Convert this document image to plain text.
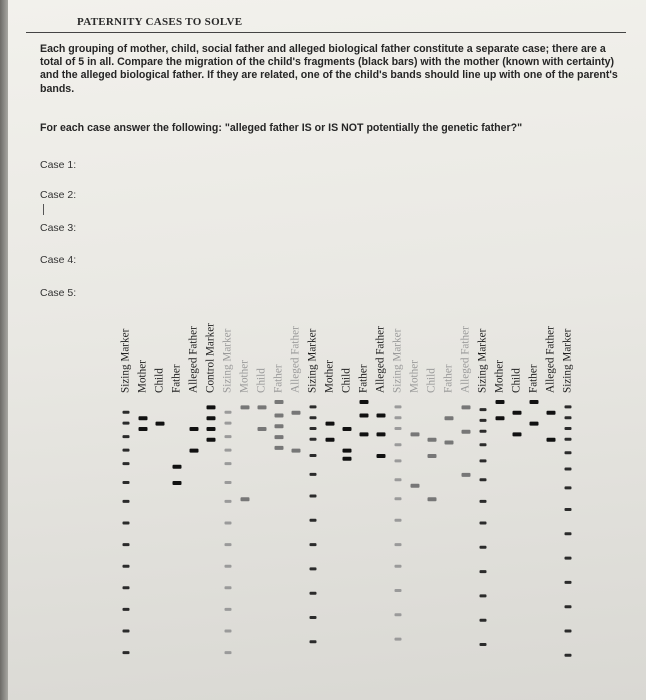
PATERNITY CASES TO SOLVE

Each grouping of mother, child, social father and alleged biological father constitute a separate case; there are a total of 5 in all. Compare the migration of the child's fragments (black bars) with the mother (known with certainty) and the alleged biological father. If they are related, one of the child's bands should line up with one of the parent's bands.

For each case answer the following: "alleged father IS or IS NOT potentially the genetic father?"

Case 1:

Case 2:

Case 3:

Case 4:

Case 5:

Sizing Marker Mother Child Father Alleged Father Control Marker Sizing Marker Mother Child Father Alleged Father Sizing Marker Mother Child Father Alleged Father Sizing Marker Mother Child Father Alleged Father Sizing Marker Mother Child Father Alleged Father Sizing Marker
